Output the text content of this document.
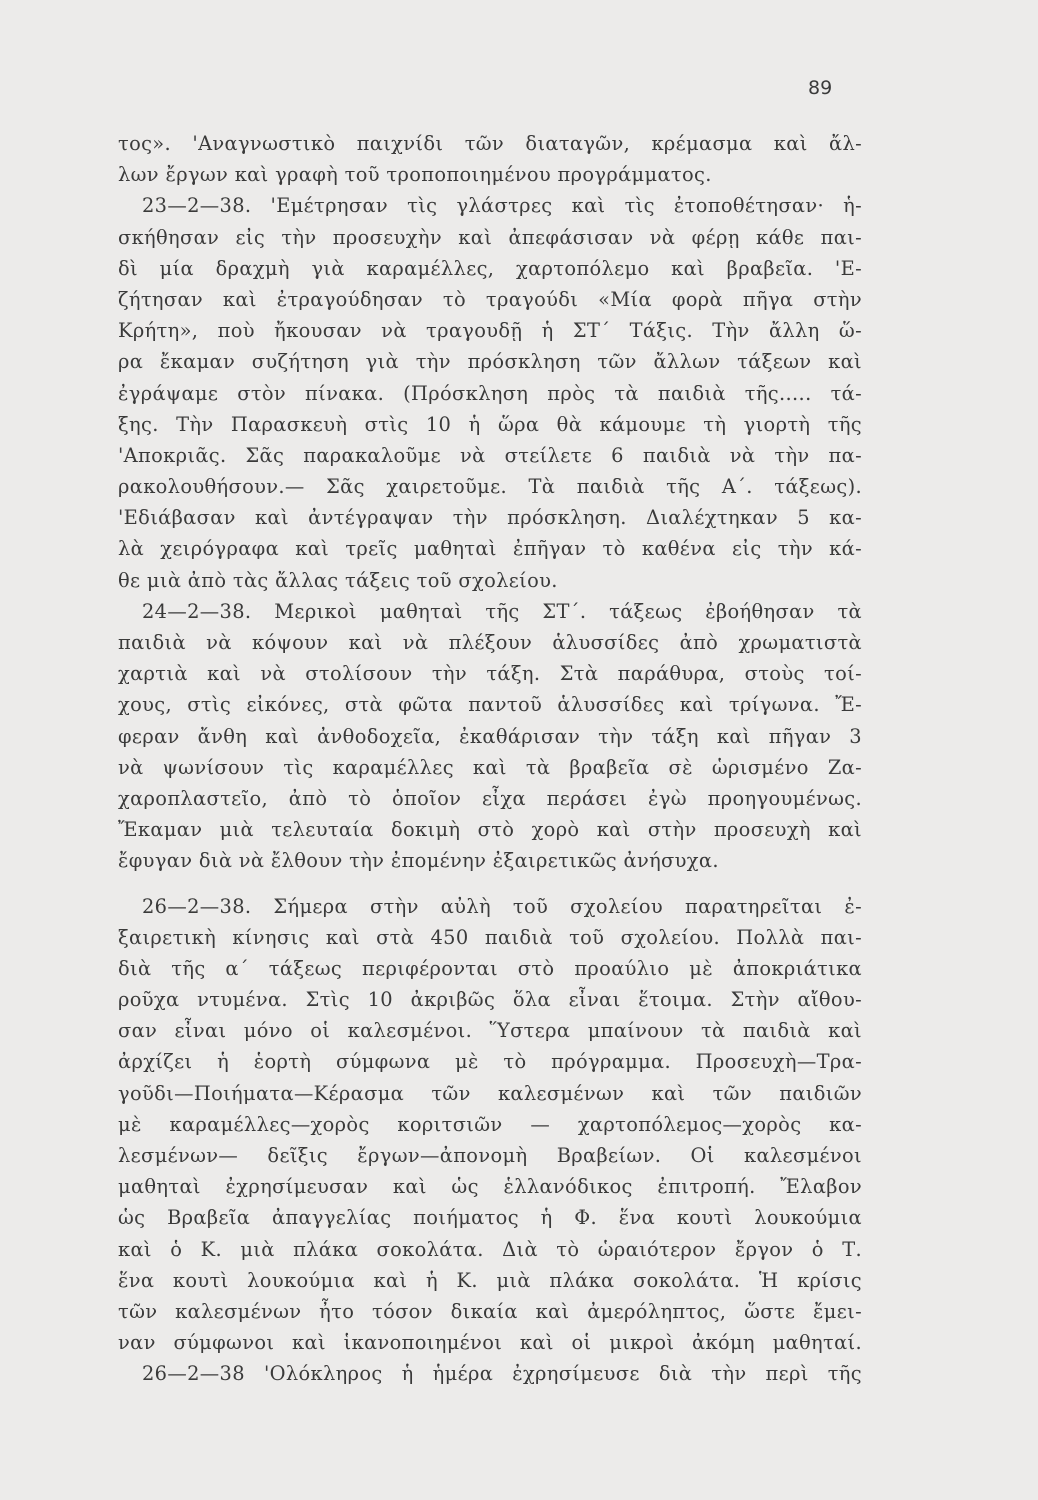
89
τος». 'Αναγνωστικὸ παιχνίδι τῶν διαταγῶν, κρέμασμα καὶ ἄλ-
λων ἔργων καὶ γραφὴ τοῦ τροποποιημένου προγράμματος.
23—2—38. 'Εμέτρησαν τὶς γλάστρες καὶ τὶς ἐτοποθέτησαν· ἡ-
σκήθησαν εἰς τὴν προσευχὴν καὶ ἀπεφάσισαν νὰ φέρῃ κάθε παι-
δὶ μία δραχμὴ γιὰ καραμέλλες, χαρτοπόλεμο καὶ βραβεῖα. 'Ε-
ζήτησαν καὶ ἐτραγούδησαν τὸ τραγούδι «Μία φορὰ πῆγα στὴν
Κρήτη», ποὺ ἤκουσαν νὰ τραγουδῇ ἡ ΣΤ΄ Τάξις. Τὴν ἄλλη ὥ-
ρα ἔκαμαν συζήτηση γιὰ τὴν πρόσκληση τῶν ἄλλων τάξεων καὶ
ἐγράψαμε στὸν πίνακα. (Πρόσκληση πρὸς τὰ παιδιὰ τῆς..... τά-
ξης. Τὴν Παρασκευὴ στὶς 10 ἡ ὥρα θὰ κάμουμε τὴ γιορτὴ τῆς
'Αποκριᾶς. Σᾶς παρακαλοῦμε νὰ στείλετε 6 παιδιὰ νὰ τὴν πα-
ρακολουθήσουν.— Σᾶς χαιρετοῦμε. Τὰ παιδιὰ τῆς Α΄. τάξεως).
'Εδιάβασαν καὶ ἀντέγραψαν τὴν πρόσκληση. Διαλέχτηκαν 5 κα-
λὰ χειρόγραφα καὶ τρεῖς μαθηταὶ ἐπῆγαν τὸ καθένα εἰς τὴν κά-
θε μιὰ ἀπὸ τὰς ἄλλας τάξεις τοῦ σχολείου.
24—2—38. Μερικοὶ μαθηταὶ τῆς ΣΤ΄. τάξεως ἐβοήθησαν τὰ
παιδιὰ νὰ κόψουν καὶ νὰ πλέξουν ἁλυσσίδες ἀπὸ χρωματιστὰ
χαρτιὰ καὶ νὰ στολίσουν τὴν τάξη. Στὰ παράθυρα, στοὺς τοί-
χους, στὶς εἰκόνες, στὰ φῶτα παντοῦ ἁλυσσίδες καὶ τρίγωνα. Ἔ-
φεραν ἄνθη καὶ ἀνθοδοχεῖα, ἐκαθάρισαν τὴν τάξη καὶ πῆγαν 3
νὰ ψωνίσουν τὶς καραμέλλες καὶ τὰ βραβεῖα σὲ ὡρισμένο Ζα-
χαροπλαστεῖο, ἀπὸ τὸ ὁποῖον εἶχα περάσει ἐγὼ προηγουμένως.
Ἔκαμαν μιὰ τελευταία δοκιμὴ στὸ χορὸ καὶ στὴν προσευχὴ καὶ
ἔφυγαν διὰ νὰ ἔλθουν τὴν ἐπομένην ἐξαιρετικῶς ἀνήσυχα.
26—2—38. Σήμερα στὴν αὐλὴ τοῦ σχολείου παρατηρεῖται ἐ-
ξαιρετικὴ κίνησις καὶ στὰ 450 παιδιὰ τοῦ σχολείου. Πολλὰ παι-
διὰ τῆς α΄ τάξεως περιφέρονται στὸ προαύλιο μὲ ἀποκριάτικα
ροῦχα ντυμένα. Στὶς 10 ἀκριβῶς ὅλα εἶναι ἕτοιμα. Στὴν αἴθου-
σαν εἶναι μόνο οἱ καλεσμένοι. Ὕστερα μπαίνουν τὰ παιδιὰ καὶ
ἀρχίζει ἡ ἑορτὴ σύμφωνα μὲ τὸ πρόγραμμα. Προσευχὴ—Τρα-
γοῦδι—Ποιήματα—Κέρασμα τῶν καλεσμένων καὶ τῶν παιδιῶν
μὲ καραμέλλες—χορὸς κοριτσιῶν — χαρτοπόλεμος—χορὸς κα-
λεσμένων— δεῖξις ἔργων—ἀπονομὴ Βραβείων. Οἱ καλεσμένοι
μαθηταὶ ἐχρησίμευσαν καὶ ὡς ἑλλανόδικος ἐπιτροπή. Ἔλαβον
ὡς Βραβεῖα ἀπαγγελίας ποιήματος ἡ Φ. ἕνα κουτὶ λουκούμια
καὶ ὁ Κ. μιὰ πλάκα σοκολάτα. Διὰ τὸ ὡραιότερον ἔργον ὁ Τ.
ἕνα κουτὶ λουκούμια καὶ ἡ Κ. μιὰ πλάκα σοκολάτα. Ἡ κρίσις
τῶν καλεσμένων ἦτο τόσον δικαία καὶ ἀμερόληπτος, ὥστε ἔμει-
ναν σύμφωνοι καὶ ἱκανοποιημένοι καὶ οἱ μικροὶ ἀκόμη μαθηταί.
26—2—38 'Ολόκληρος ἡ ἡμέρα ἐχρησίμευσε διὰ τὴν περὶ τῆς
